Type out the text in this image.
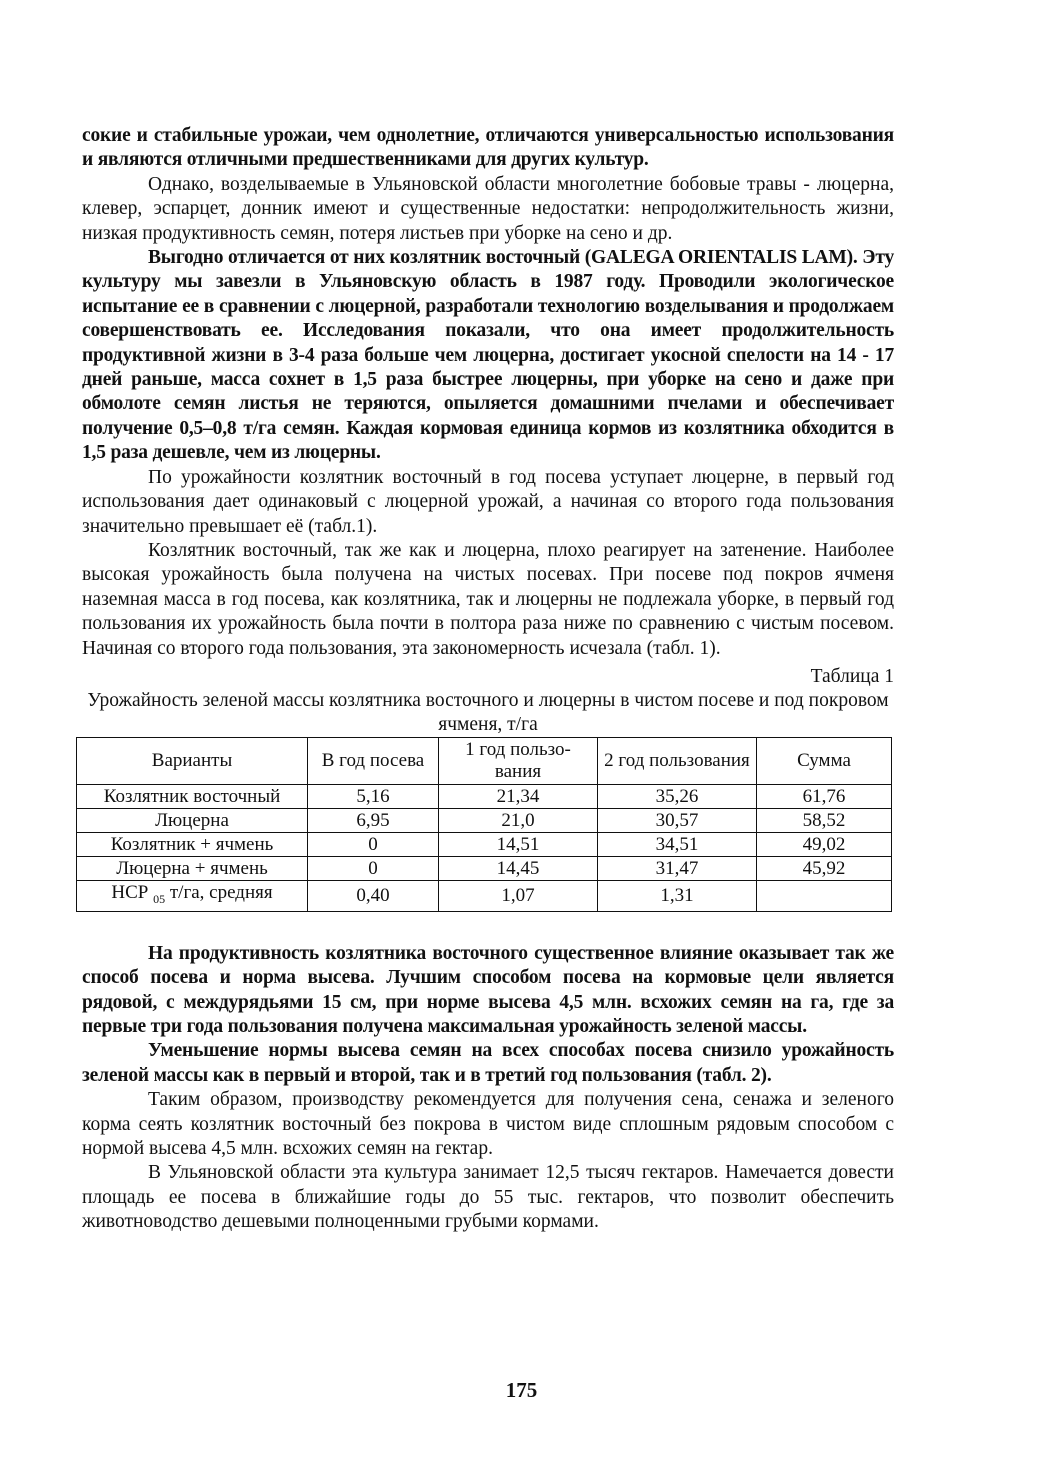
сокие и стабильные урожаи, чем однолетние, отличаются универсальностью использования и являются отличными предшественниками для других культур.

Однако, возделываемые в Ульяновской области многолетние бобовые травы - люцерна, клевер, эспарцет, донник имеют и существенные недостатки: непродолжительность жизни, низкая продуктивность семян, потеря листьев при уборке на сено и др.

Выгодно отличается от них козлятник восточный (GALEGA ORIENTALIS LAM). Эту культуру мы завезли в Ульяновскую область в 1987 году. Проводили экологическое испытание ее в сравнении с люцерной, разработали технологию возделывания и продолжаем совершенствовать ее. Исследования показали, что она имеет продолжительность продуктивной жизни в 3-4 раза больше чем люцерна, достигает укосной спелости на 14 - 17 дней раньше, масса сохнет в 1,5 раза быстрее люцерны, при уборке на сено и даже при обмолоте семян листья не теряются, опыляется домашними пчелами и обеспечивает получение 0,5–0,8 т/га семян. Каждая кормовая единица кормов из козлятника обходится в 1,5 раза дешевле, чем из люцерны.

По урожайности козлятник восточный в год посева уступает люцерне, в первый год использования дает одинаковый с люцерной урожай, а начиная со второго года пользования значительно превышает её (табл.1).

Козлятник восточный, так же как и люцерна, плохо реагирует на затенение. Наиболее высокая урожайность была получена на чистых посевах. При посеве под покров ячменя наземная масса в год посева, как козлятника, так и люцерны не подлежала уборке, в первый год пользования их урожайность была почти в полтора раза ниже по сравнению с чистым посевом. Начиная со второго года пользования, эта закономерность исчезала (табл. 1).

Таблица 1
Урожайность зеленой массы козлятника восточного и люцерны в чистом посеве и под покровом ячменя, т/га
Варианты	В год посева	1 год пользо-вания	2 год пользования	Сумма
Козлятник восточный	5,16	21,34	35,26	61,76
Люцерна	6,95	21,0	30,57	58,52
Козлятник + ячмень	0	14,51	34,51	49,02
Люцерна + ячмень	0	14,45	31,47	45,92
НСР $_{05}$ т/га, средняя	0,40	1,07	1,31	

На продуктивность козлятника восточного существенное влияние оказывает так же способ посева и норма высева. Лучшим способом посева на кормовые цели является рядовой, с междурядьями 15 см, при норме высева 4,5 млн. всхожих семян на га, где за первые три года пользования получена максимальная урожайность зеленой массы.

Уменьшение нормы высева семян на всех способах посева снизило урожайность зеленой массы как в первый и второй, так и в третий год пользования (табл. 2).

Таким образом, производству рекомендуется для получения сена, сенажа и зеленого корма сеять козлятник восточный без покрова в чистом виде сплошным рядовым способом с нормой высева 4,5 млн. всхожих семян на гектар.

В Ульяновской области эта культура занимает 12,5 тысяч гектаров. Намечается довести площадь ее посева в ближайшие годы до 55 тыс. гектаров, что позволит обеспечить животноводство дешевыми полноценными грубыми кормами.

175
